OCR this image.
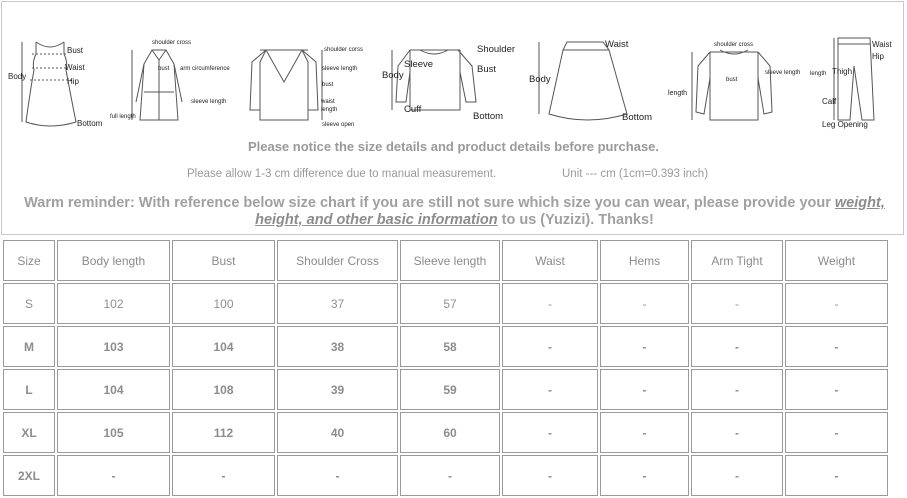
Bust
Waist
Hip
Body
Bottom
shoulder cross
bust arm circumference
sleeve length
full length
shoulder corss
sleeve length
bust
waist
length
sleeve open
Shoulder
Bust
Sleeve
Body
Cuff
Bottom
Waist
Body
Bottom
shoulder cross
bust
sleeve length
length
Waist
Hip
length Thigh
Calf
Leg Opening
Please notice the size details and product details before purchase.
Please allow 1-3 cm difference due to manual measurement.	Unit --- cm (1cm=0.393 inch)
Warm reminder: With reference below size chart if you are still not sure which size you can wear, please provide your weight, height, and other basic information to us (Yuzizi). Thanks!
Size	Body length	Bust	Shoulder Cross	Sleeve length	Waist	Hems	Arm Tight	Weight
S	102	100	37	57	-	-	-	-
M	103	104	38	58	-	-	-	-
L	104	108	39	59	-	-	-	-
XL	105	112	40	60	-	-	-	-
2XL	-	-	-	-	-	-	-	-
